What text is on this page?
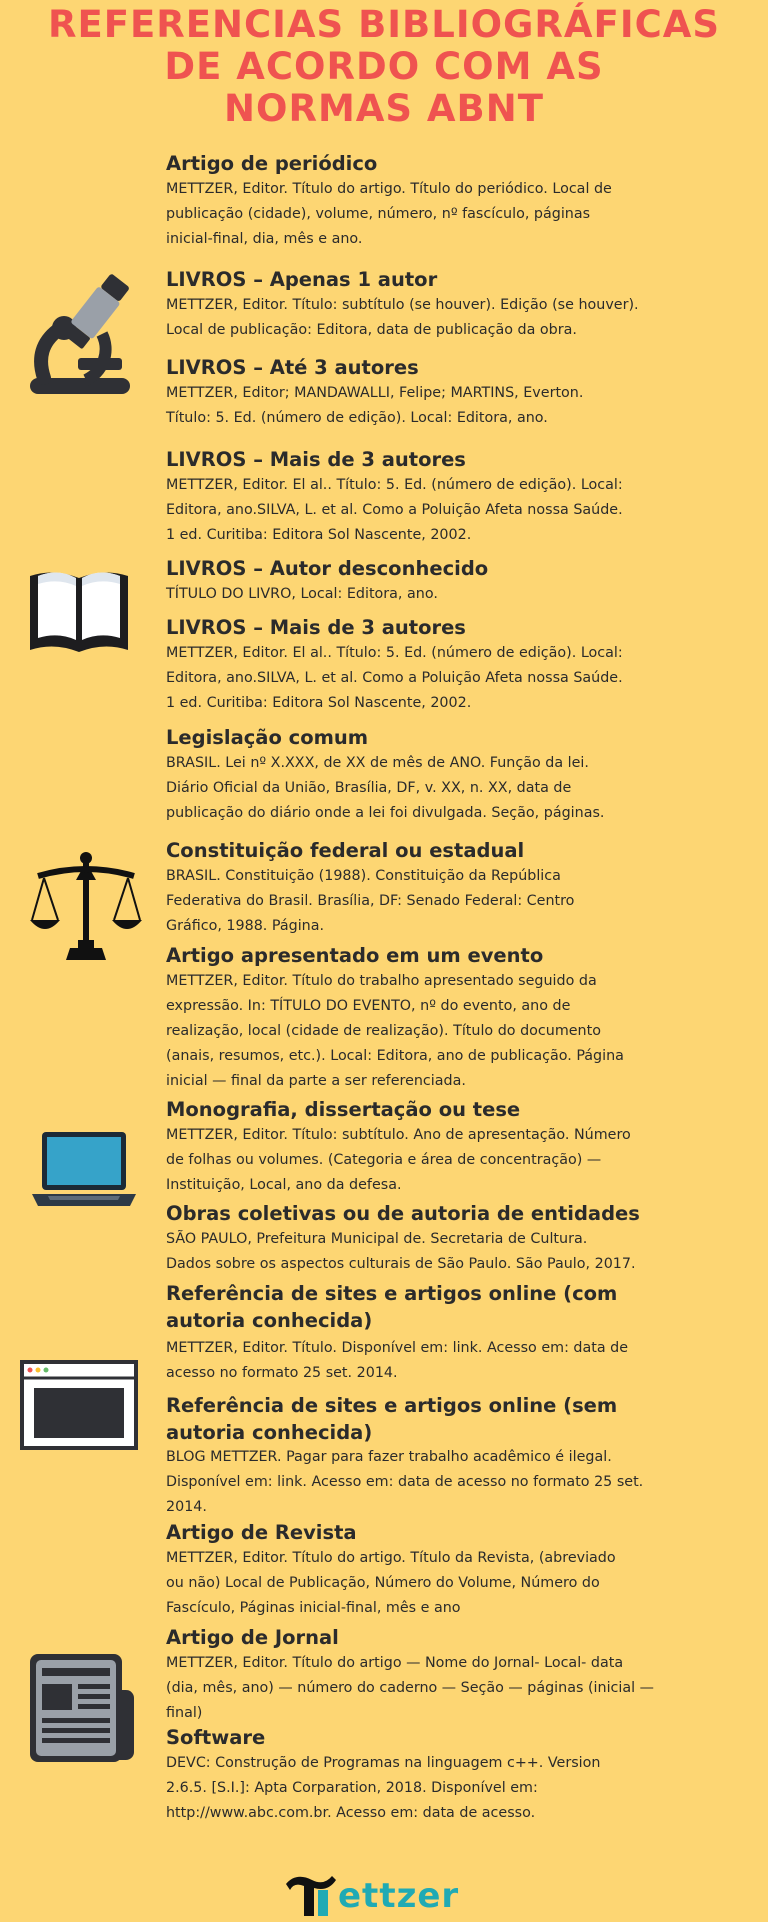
REFERENCIAS BIBLIOGRÁFICAS
DE ACORDO COM AS
NORMAS ABNT
Artigo de periódico

METTZER, Editor. Título do artigo. Título do periódico. Local de

publicação (cidade), volume, número, nº fascículo, páginas

inicial-final, dia, mês e ano.

LIVROS – Apenas 1 autor

METTZER, Editor. Título: subtítulo (se houver). Edição (se houver).

Local de publicação: Editora, data de publicação da obra.

LIVROS – Até 3 autores

METTZER, Editor; MANDAWALLI, Felipe; MARTINS, Everton.

Título: 5. Ed. (número de edição). Local: Editora, ano.

LIVROS – Mais de 3 autores

METTZER, Editor. El al.. Título: 5. Ed. (número de edição). Local:

Editora, ano.SILVA, L. et al. Como a Poluição Afeta nossa Saúde.

1 ed. Curitiba: Editora Sol Nascente, 2002.

LIVROS – Autor desconhecido

TÍTULO DO LIVRO, Local: Editora, ano.

LIVROS – Mais de 3 autores

METTZER, Editor. El al.. Título: 5. Ed. (número de edição). Local:

Editora, ano.SILVA, L. et al. Como a Poluição Afeta nossa Saúde.

1 ed. Curitiba: Editora Sol Nascente, 2002.

Legislação comum

BRASIL. Lei nº X.XXX, de XX de mês de ANO. Função da lei.

Diário Oficial da União, Brasília, DF, v. XX, n. XX, data de

publicação do diário onde a lei foi divulgada. Seção, páginas.

Constituição federal ou estadual

BRASIL. Constituição (1988). Constituição da República

Federativa do Brasil. Brasília, DF: Senado Federal: Centro

Gráfico, 1988. Página.

Artigo apresentado em um evento

METTZER, Editor. Título do trabalho apresentado seguido da

expressão. In: TÍTULO DO EVENTO, nº do evento, ano de

realização, local (cidade de realização). Título do documento

(anais, resumos, etc.). Local: Editora, ano de publicação. Página

inicial — final da parte a ser referenciada.

Monografia, dissertação ou tese

METTZER, Editor. Título: subtítulo. Ano de apresentação. Número

de folhas ou volumes. (Categoria e área de concentração) —

Instituição, Local, ano da defesa.

Obras coletivas ou de autoria de entidades

SÃO PAULO, Prefeitura Municipal de. Secretaria de Cultura.

Dados sobre os aspectos culturais de São Paulo. São Paulo, 2017.

Referência de sites e artigos online (com autoria conhecida)

METTZER, Editor. Título. Disponível em: link. Acesso em: data de

acesso no formato 25 set. 2014.

Referência de sites e artigos online (sem autoria conhecida)

BLOG METTZER. Pagar para fazer trabalho acadêmico é ilegal.

Disponível em: link. Acesso em: data de acesso no formato 25 set.

2014.

Artigo de Revista

METTZER, Editor. Título do artigo. Título da Revista, (abreviado

ou não) Local de Publicação, Número do Volume, Número do

Fascículo, Páginas inicial-final, mês e ano

Artigo de Jornal

METTZER, Editor. Título do artigo — Nome do Jornal- Local- data

(dia, mês, ano) — número do caderno — Seção — páginas (inicial —

final)

Software

DEVC: Construção de Programas na linguagem c++. Version

2.6.5. [S.I.]: Apta Corparation, 2018. Disponível em:

http://www.abc.com.br. Acesso em: data de acesso.

ettzer
